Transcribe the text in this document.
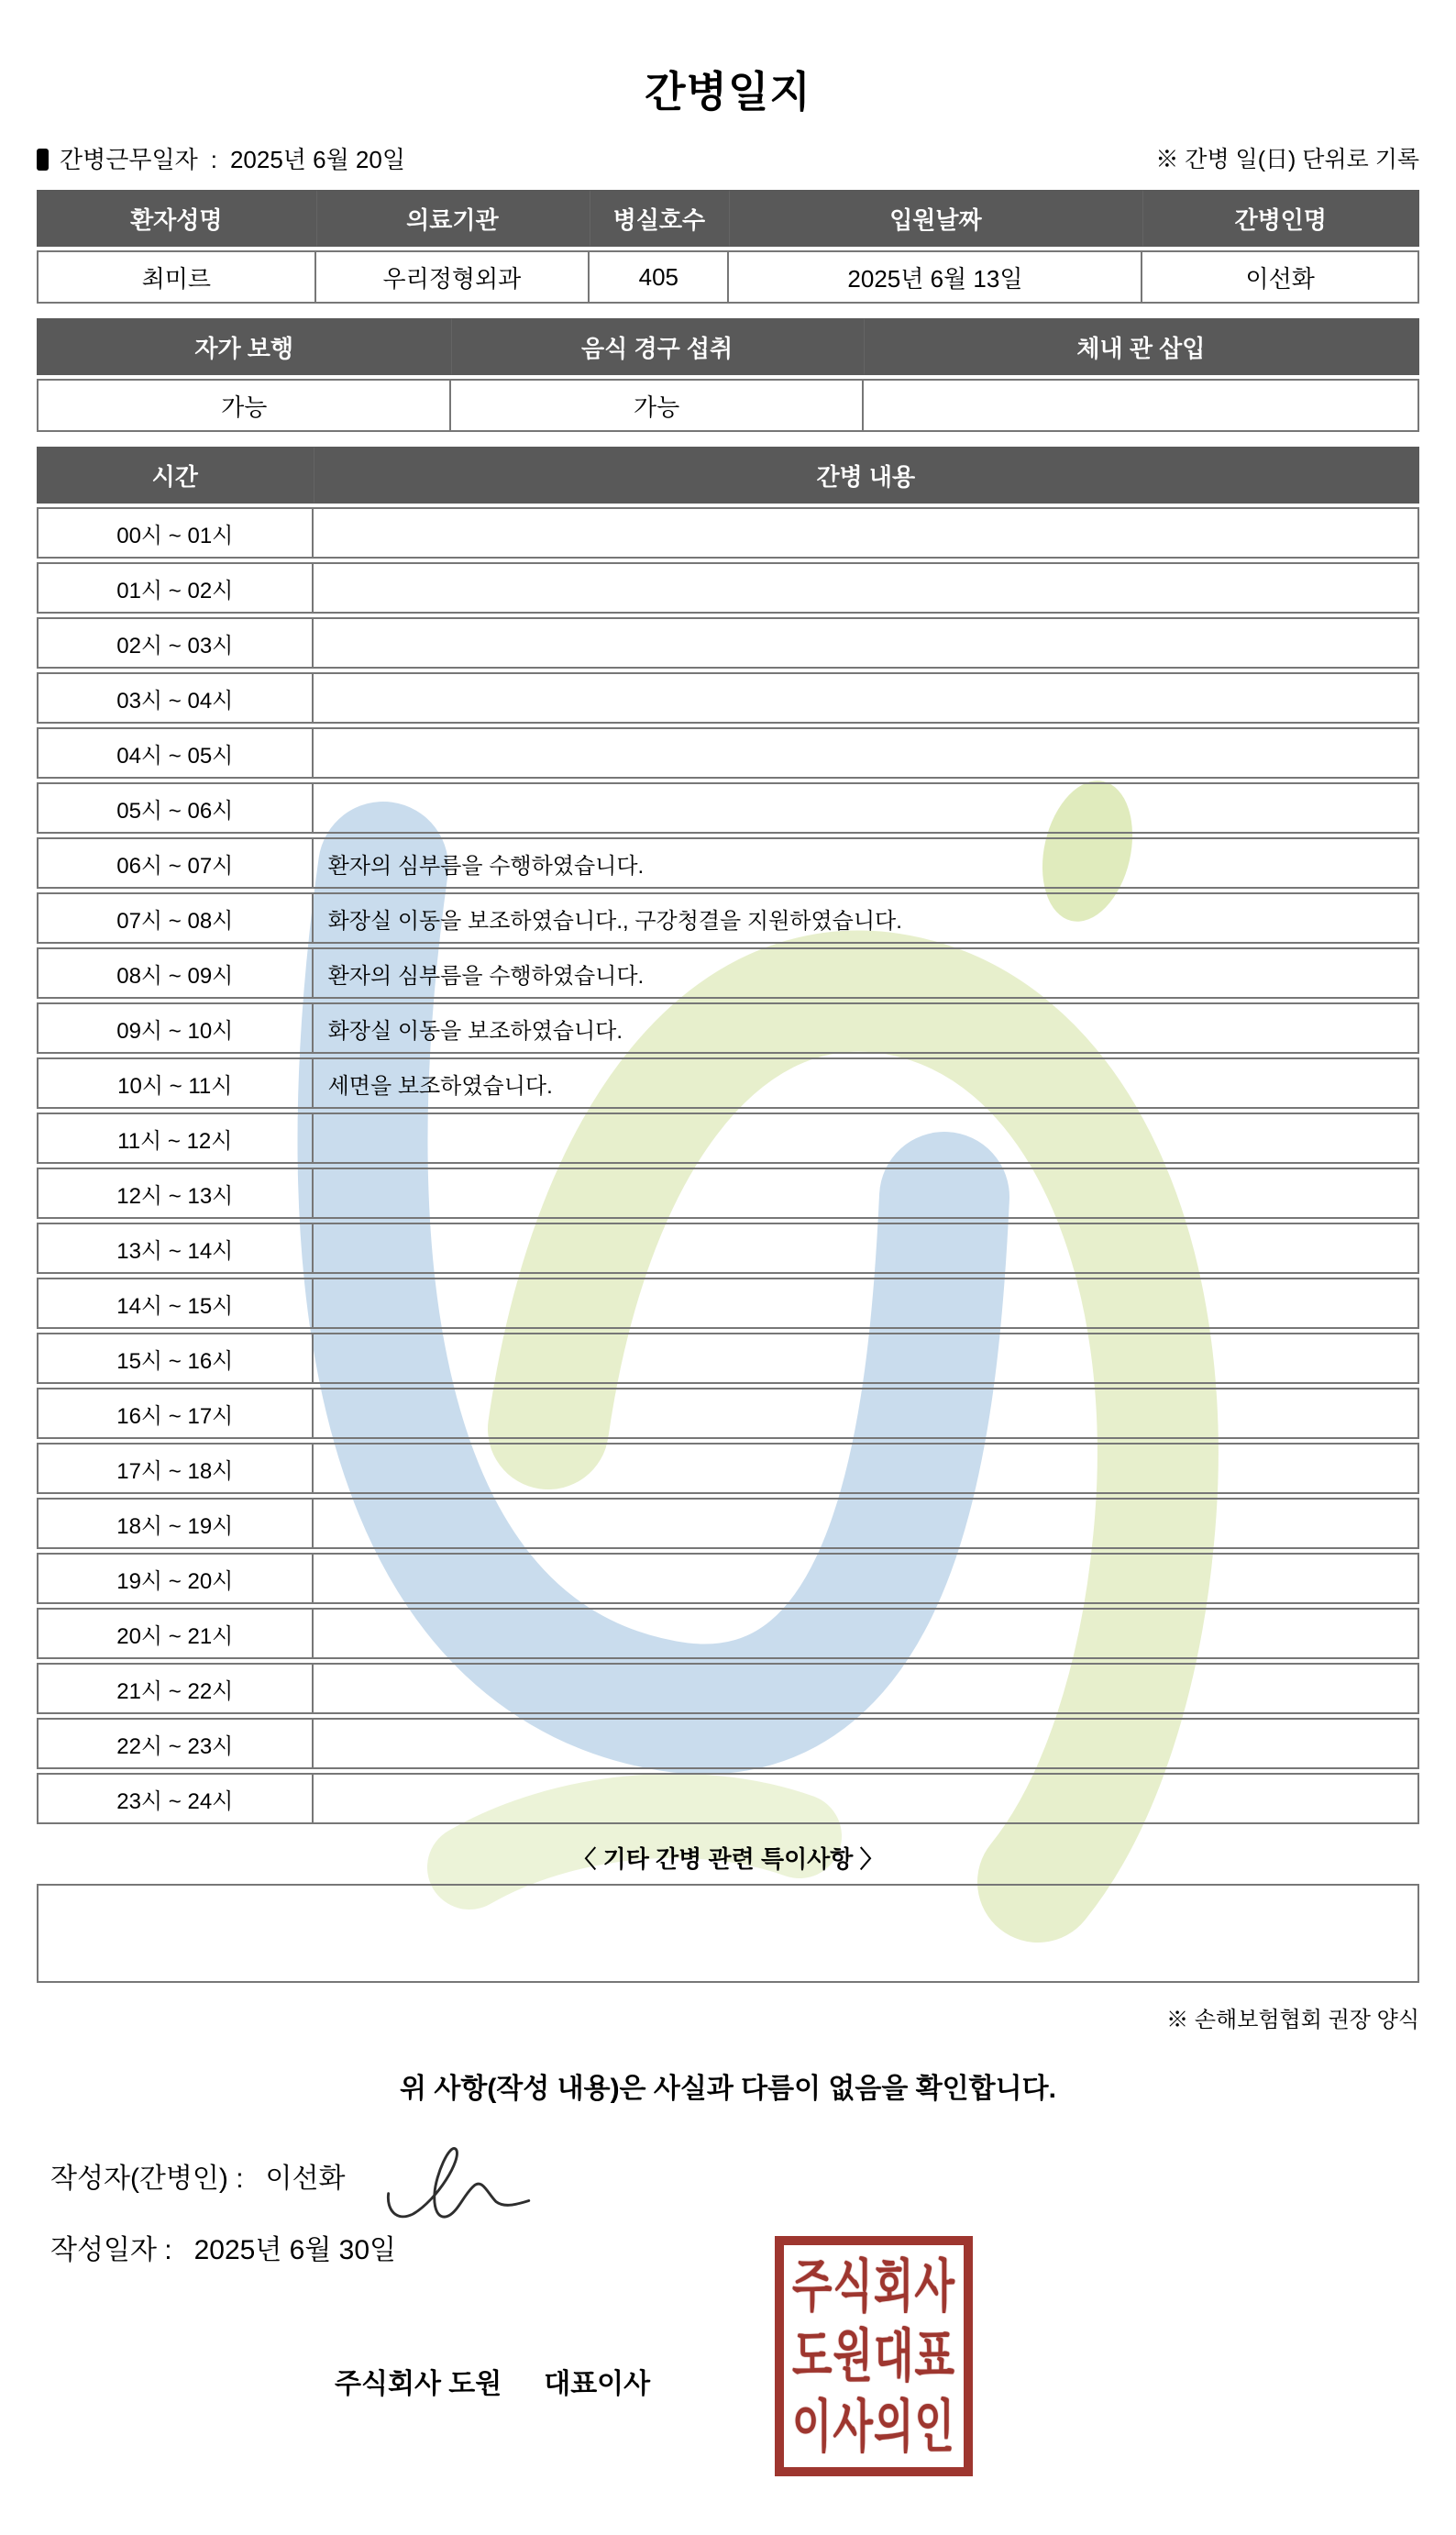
간병일지
간병근무일자 : 2025년 6월 20일	※ 간병 일(日) 단위로 기록
환자성명	의료기관	병실호수	입원날짜	간병인명
최미르	우리정형외과	405	2025년 6월 13일	이선화
자가 보행	음식 경구 섭취	체내 관 삽입
가능	가능	
시간	간병 내용
00시 ~ 01시	
01시 ~ 02시	
02시 ~ 03시	
03시 ~ 04시	
04시 ~ 05시	
05시 ~ 06시	
06시 ~ 07시	환자의 심부름을 수행하였습니다.
07시 ~ 08시	화장실 이동을 보조하였습니다., 구강청결을 지원하였습니다.
08시 ~ 09시	환자의 심부름을 수행하였습니다.
09시 ~ 10시	화장실 이동을 보조하였습니다.
10시 ~ 11시	세면을 보조하였습니다.
11시 ~ 12시	
12시 ~ 13시	
13시 ~ 14시	
14시 ~ 15시	
15시 ~ 16시	
16시 ~ 17시	
17시 ~ 18시	
18시 ~ 19시	
19시 ~ 20시	
20시 ~ 21시	
21시 ~ 22시	
22시 ~ 23시	
23시 ~ 24시	
〈 기타 간병 관련 특이사항 〉
※ 손해보험협회 권장 양식
위 사항(작성 내용)은 사실과 다름이 없음을 확인합니다.
작성자(간병인) : 이선화
작성일자 : 2025년 6월 30일
주식회사 도원 대표이사
주식회사
도원대표
이사의인
